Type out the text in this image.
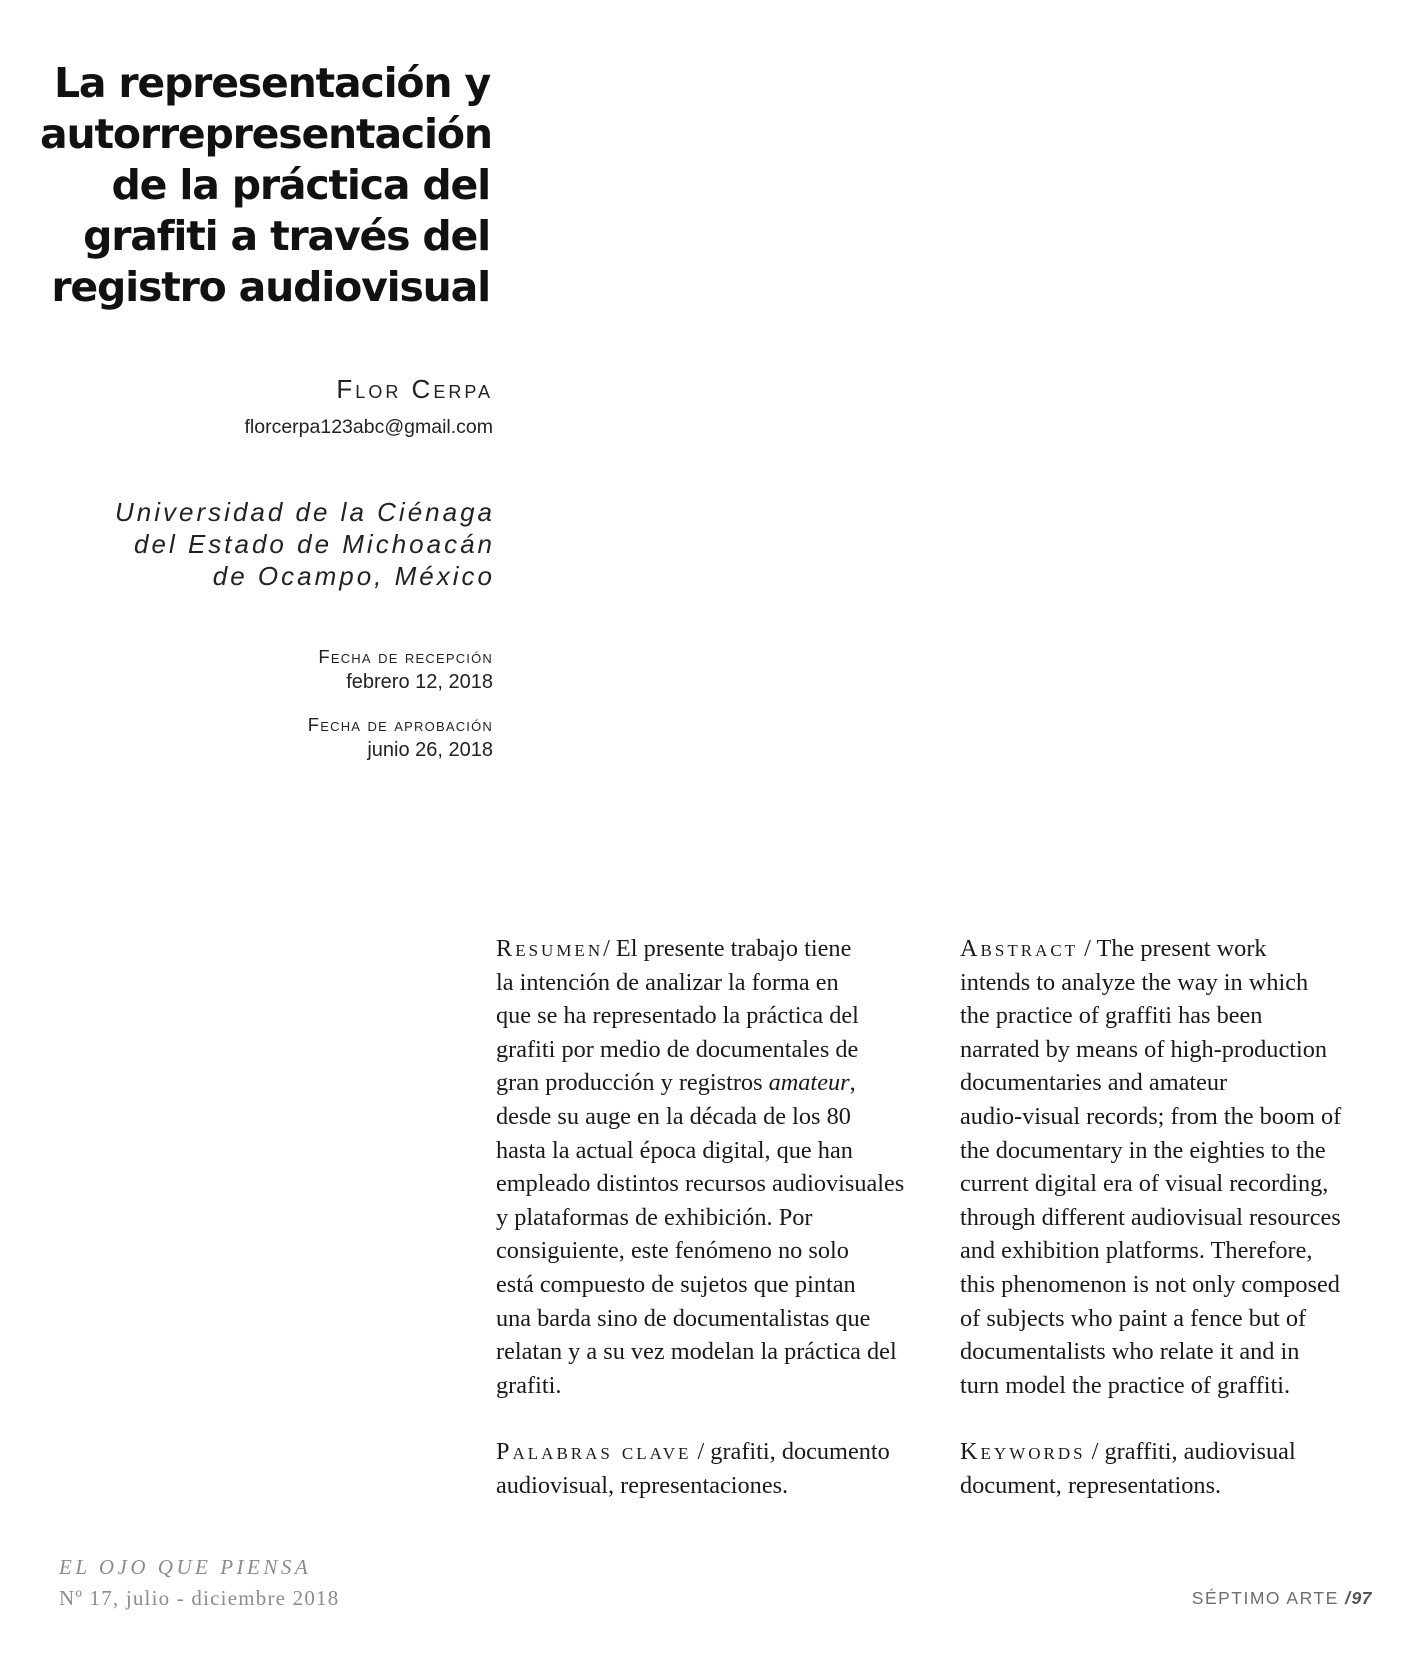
La representación y
autorrepresentación
de la práctica del
grafiti a través del
registro audiovisual
Flor Cerpa
florcerpa123abc@gmail.com
Universidad de la Ciénaga
del Estado de Michoacán
de Ocampo, México
Fecha de recepción
febrero 12, 2018
Fecha de aprobación
junio 26, 2018
Resumen/ El presente trabajo tiene
la intención de analizar la forma en
que se ha representado la práctica del
grafiti por medio de documentales de
gran producción y registros amateur,
desde su auge en la década de los 80
hasta la actual época digital, que han
empleado distintos recursos audiovisuales
y plataformas de exhibición. Por
consiguiente, este fenómeno no solo
está compuesto de sujetos que pintan
una barda sino de documentalistas que
relatan y a su vez modelan la práctica del
grafiti.
Palabras clave / grafiti, documento
audiovisual, representaciones.
Abstract / The present work
intends to analyze the way in which
the practice of graffiti has been
narrated by means of high-production
documentaries and amateur
audio-visual records; from the boom of
the documentary in the eighties to the
current digital era of visual recording,
through different audiovisual resources
and exhibition platforms. Therefore,
this phenomenon is not only composed
of subjects who paint a fence but of
documentalists who relate it and in
turn model the practice of graffiti.
Keywords / graffiti, audiovisual
document, representations.
EL OJO QUE PIENSA
Nº 17, julio - diciembre 2018	SÉPTIMO ARTE /97
